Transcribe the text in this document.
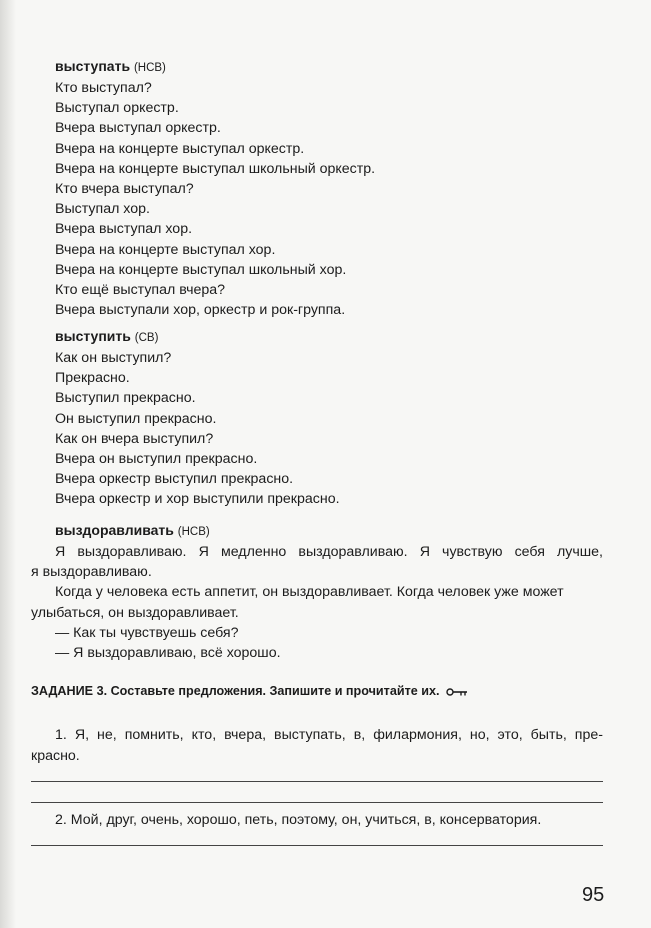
выступать (НСВ)
Кто выступал?
Выступал оркестр.
Вчера выступал оркестр.
Вчера на концерте выступал оркестр.
Вчера на концерте выступал школьный оркестр.
Кто вчера выступал?
Выступал хор.
Вчера выступал хор.
Вчера на концерте выступал хор.
Вчера на концерте выступал школьный хор.
Кто ещё выступал вчера?
Вчера выступали хор, оркестр и рок-группа.
выступить (СВ)
Как он выступил?
Прекрасно.
Выступил прекрасно.
Он выступил прекрасно.
Как он вчера выступил?
Вчера он выступил прекрасно.
Вчера оркестр выступил прекрасно.
Вчера оркестр и хор выступили прекрасно.
выздоравливать (НСВ)
Я выздоравливаю. Я медленно выздоравливаю. Я чувствую себя лучше,
я выздоравливаю.
Когда у человека есть аппетит, он выздоравливает. Когда человек уже может
улыбаться, он выздоравливает.
— Как ты чувствуешь себя?
— Я выздоравливаю, всё хорошо.
ЗАДАНИЕ 3. Составьте предложения. Запишите и прочитайте их.
1. Я, не, помнить, кто, вчера, выступать, в, филармония, но, это, быть, пре-
красно.
2. Мой, друг, очень, хорошо, петь, поэтому, он, учиться, в, консерватория.
95
